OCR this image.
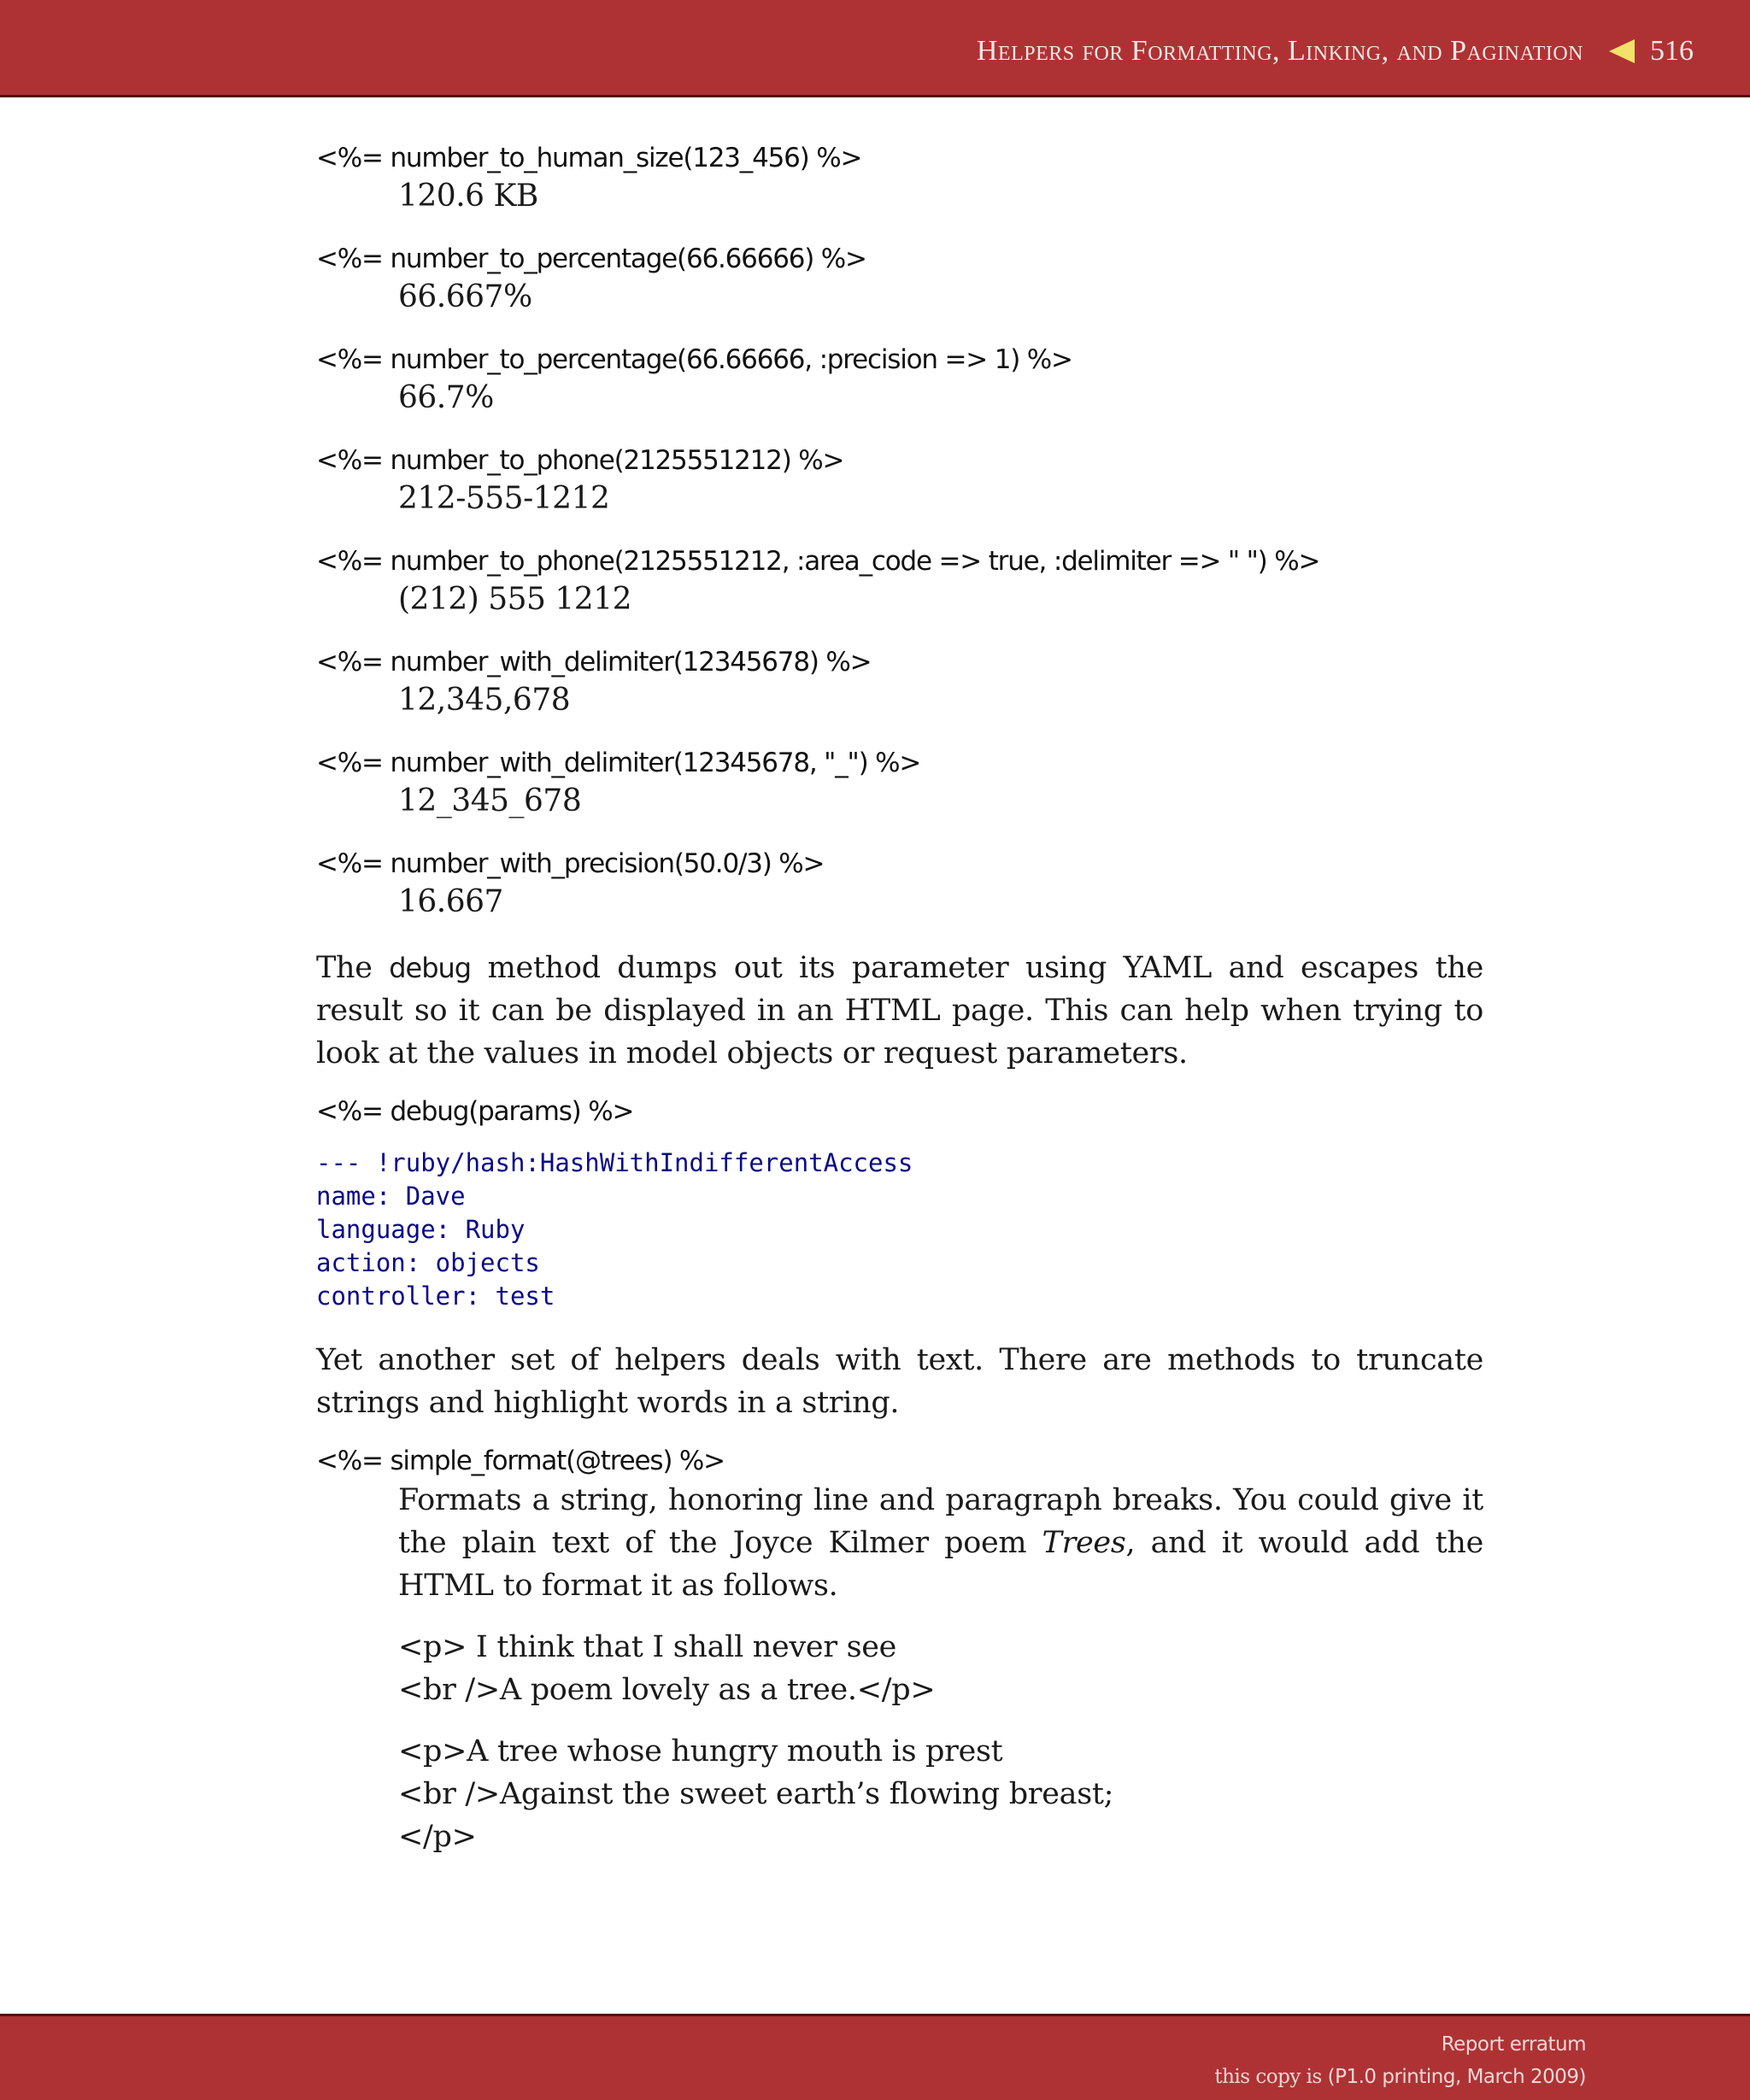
Helpers for Formatting, Linking, and Pagination 516
<%= number_to_human_size(123_456) %>
120.6 KB
<%= number_to_percentage(66.66666) %>
66.667%
<%= number_to_percentage(66.66666, :precision => 1) %>
66.7%
<%= number_to_phone(2125551212) %>
212-555-1212
<%= number_to_phone(2125551212, :area_code => true, :delimiter => " ") %>
(212) 555 1212
<%= number_with_delimiter(12345678) %>
12,345,678
<%= number_with_delimiter(12345678, "_") %>
12_345_678
<%= number_with_precision(50.0/3) %>
16.667

The debug method dumps out its parameter using YAML and escapes the result so it can be displayed in an HTML page. This can help when trying to look at the values in model objects or request parameters.

<%= debug(params) %>
--- !ruby/hash:HashWithIndifferentAccess
name: Dave
language: Ruby
action: objects
controller: test

Yet another set of helpers deals with text. There are methods to truncate strings and highlight words in a string.

<%= simple_format(@trees) %>

Formats a string, honoring line and paragraph breaks. You could give it the plain text of the Joyce Kilmer poem Trees, and it would add the HTML to format it as follows.

<p> I think that I shall never see
<br />A poem lovely as a tree.</p>
<p>A tree whose hungry mouth is prest
<br />Against the sweet earth’s flowing breast;
</p>
Report erratum
this copy is (P1.0 printing, March 2009)
